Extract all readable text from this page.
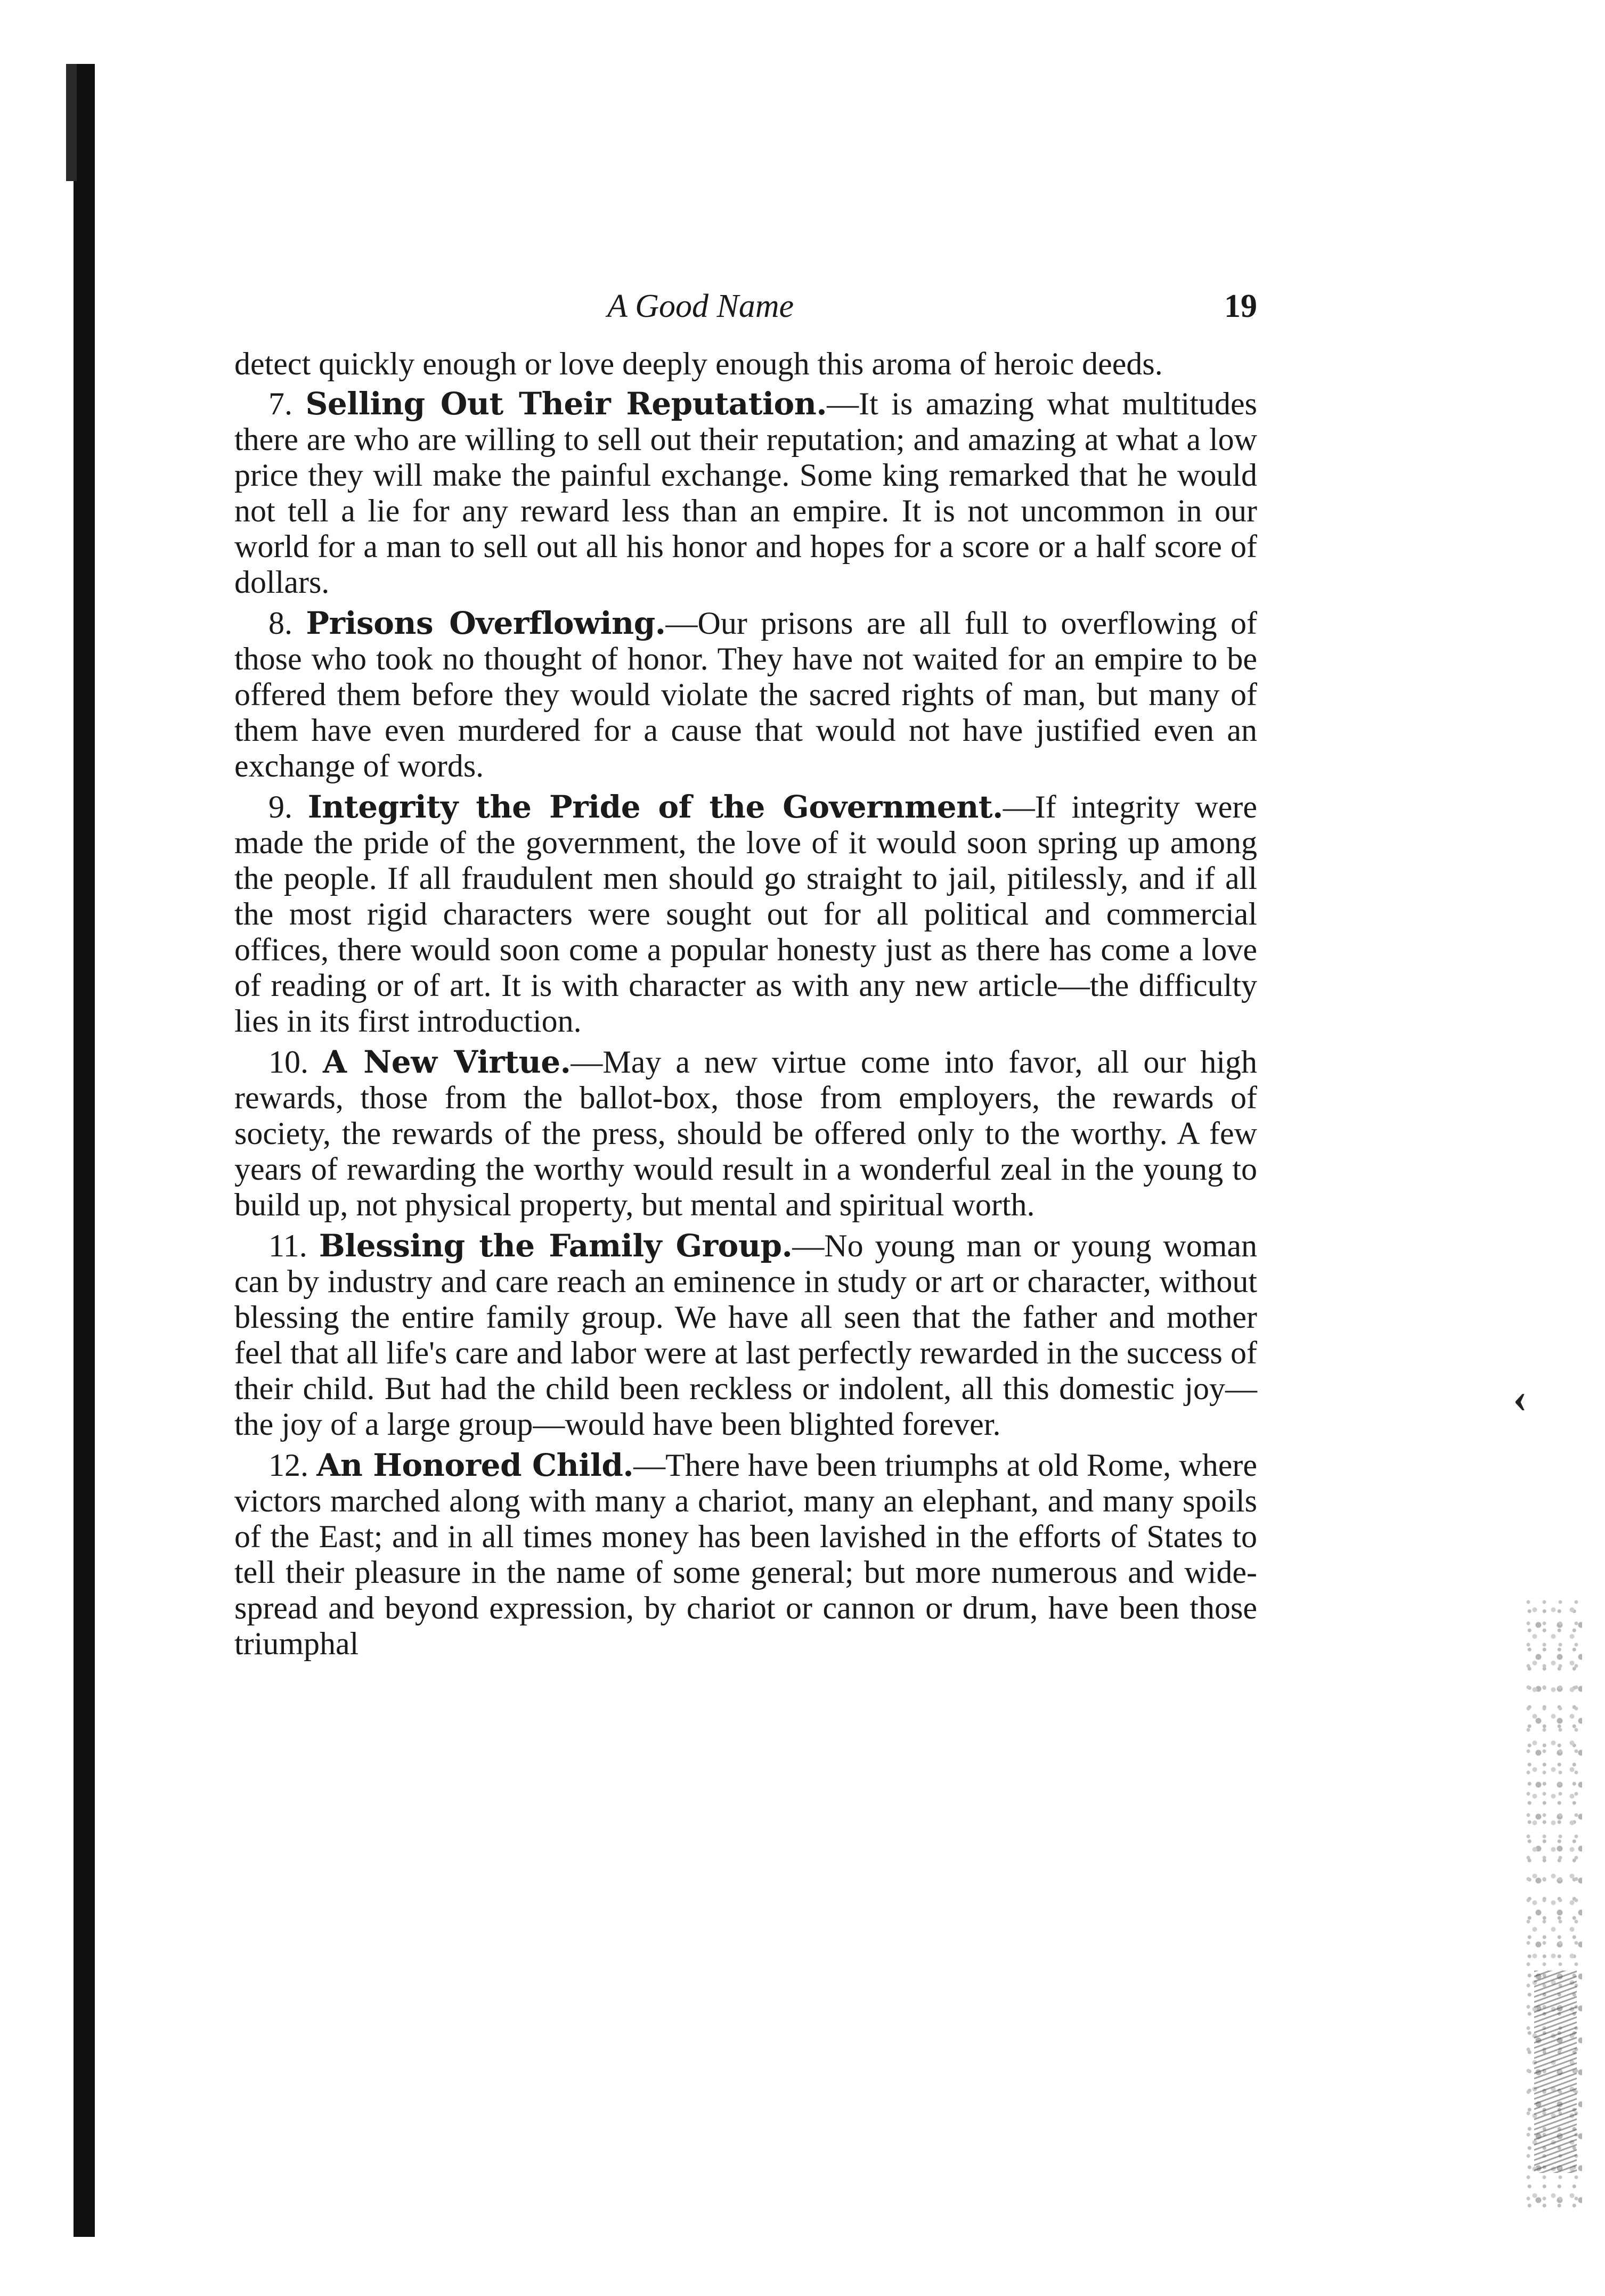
‹
A Good Name	19

detect quickly enough or love deeply enough this aroma of heroic deeds.

7. Selling Out Their Reputation.—It is amazing what multitudes there are who are willing to sell out their reputation; and amazing at what a low price they will make the painful exchange. Some king remarked that he would not tell a lie for any reward less than an empire. It is not uncommon in our world for a man to sell out all his honor and hopes for a score or a half score of dollars.

8. Prisons Overflowing.—Our prisons are all full to overflowing of those who took no thought of honor. They have not waited for an empire to be offered them before they would violate the sacred rights of man, but many of them have even murdered for a cause that would not have justified even an exchange of words.

9. Integrity the Pride of the Government.—If integrity were made the pride of the government, the love of it would soon spring up among the people. If all fraudulent men should go straight to jail, pitilessly, and if all the most rigid characters were sought out for all political and commercial offices, there would soon come a popular honesty just as there has come a love of reading or of art. It is with character as with any new article—the difficulty lies in its first introduction.

10. A New Virtue.—May a new virtue come into favor, all our high rewards, those from the ballot-box, those from employers, the rewards of society, the rewards of the press, should be offered only to the worthy. A few years of rewarding the worthy would result in a wonderful zeal in the young to build up, not physical property, but mental and spiritual worth.

11. Blessing the Family Group.—No young man or young woman can by industry and care reach an eminence in study or art or character, without blessing the entire family group. We have all seen that the father and mother feel that all life's care and labor were at last perfectly rewarded in the success of their child. But had the child been reckless or indolent, all this domestic joy—the joy of a large group—would have been blighted forever.

12. An Honored Child.—There have been triumphs at old Rome, where victors marched along with many a chariot, many an elephant, and many spoils of the East; and in all times money has been lavished in the efforts of States to tell their pleasure in the name of some general; but more numerous and wide-spread and beyond expression, by chariot or cannon or drum, have been those triumphal
